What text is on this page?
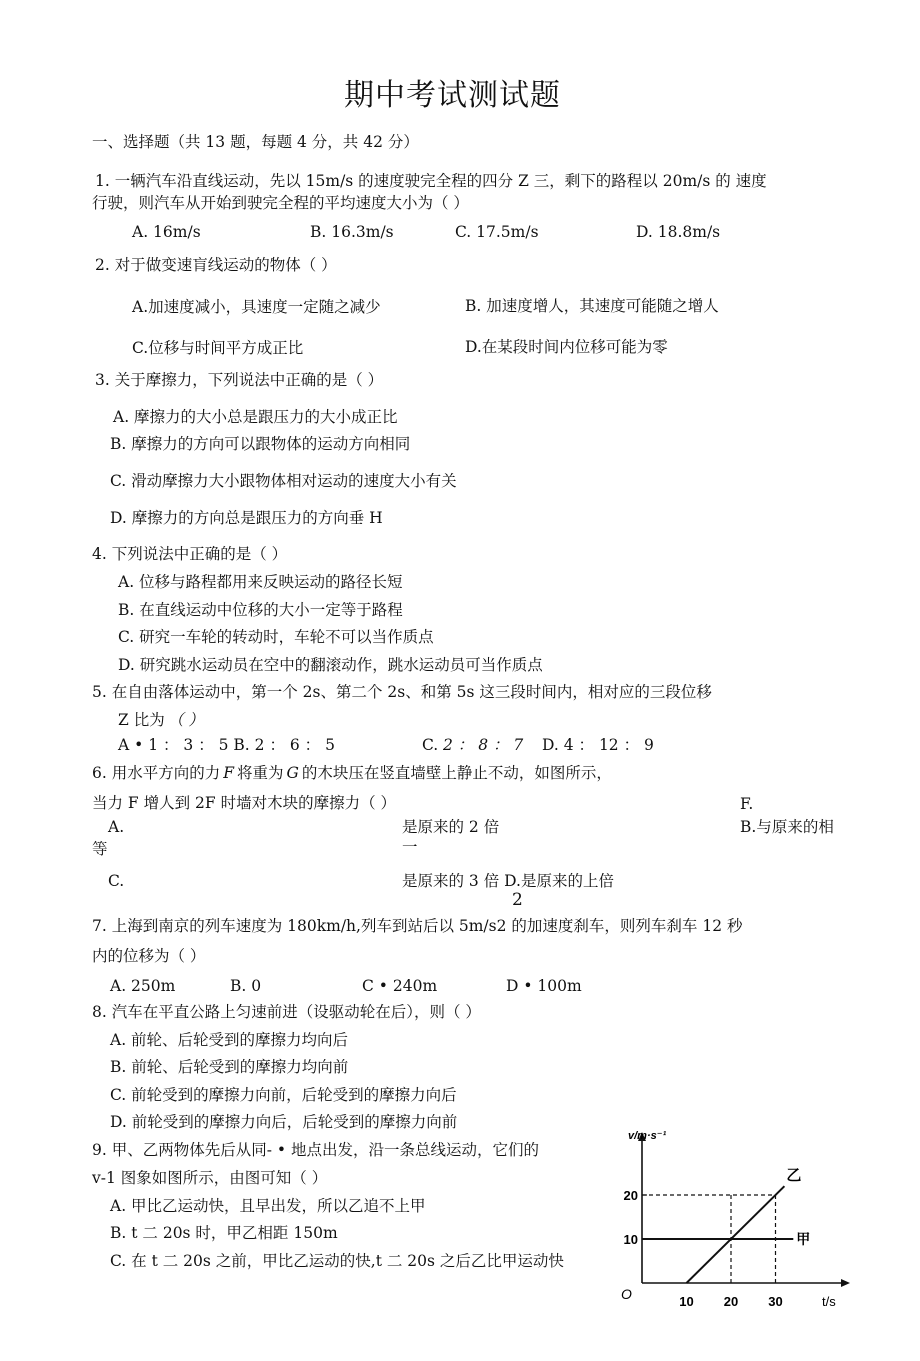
期中考试测试题
一、选择题（共 13 题，每题 4 分，共 42 分）
1. 一辆汽车沿直线运动，先以 15m/s 的速度驶完全程的四分 Z 三，剩下的路程以 20m/s 的 速度
行驶，则汽车从开始到驶完全程的平均速度大小为（ ）
A. 16m/s	B. 16.3m/s	C. 17.5m/s	D. 18.8m/s
2. 对于做变速肓线运动的物体（ ）
A.加速度减小，具速度一定随之减少	B. 加速度增人，其速度可能随之增人
C.位移与时间平方成正比	D.在某段时间内位移可能为零
3. 关于摩擦力，下列说法中正确的是（ ）
A. 摩擦力的大小总是跟压力的大小成正比
B. 摩擦力的方向可以跟物体的运动方向相同
C. 滑动摩擦力大小跟物体相对运动的速度大小有关
D. 摩擦力的方向总是跟压力的方向垂 H
4. 下列说法中正确的是（ ）
A. 位移与路程都用来反映运动的路径长短
B. 在直线运动中位移的大小一定等于路程
C. 研究一车轮的转动时，车轮不可以当作质点
D. 研究跳水运动员在空中的翻滚动作，跳水运动员可当作质点
5. 在自由落体运动中，第一个 2s、第二个 2s、和第 5s 这三段时间内，相对应的三段位移
Z 比为 （ ）
A • 1 ： 3 ： 5 B. 2 ： 6 ： 5	C. 2 ： 8 ： 7 D. 4 ： 12 ： 9
6. 用水平方向的力 F 将重为 G 的木块压在竖直墙壁上静止不动，如图所示，
当力 F 增人到 2F 时墙对木块的摩擦力（ ）	F.
A.	是原来的 2 倍	B.与原来的相
等	一
C.	是原来的 3 倍 D.是原来的上倍
2
7. 上海到南京的列车速度为 180km/h,列车到站后以 5m/s2 的加速度刹车，则列车刹车 12 秒
内的位移为（ ）
A. 250m	B. 0	C • 240m	D • 100m
8. 汽车在平直公路上匀速前进（设驱动轮在后），则（ ）
A. 前轮、后轮受到的摩擦力均向后
B. 前轮、后轮受到的摩擦力均向前
C. 前轮受到的摩擦力向前，后轮受到的摩擦力向后
D. 前轮受到的摩擦力向后，后轮受到的摩擦力向前
9. 甲、乙两物体先后从同- • 地点出发，沿一条总线运动，它们的
v-1 图象如图所示，由图可知（ ）
A. 甲比乙运动快，且早出发，所以乙追不上甲
B. t 二 20s 时，甲乙相距 150m
C. 在 t 二 20s 之前，甲比乙运动的快,t 二 20s 之后乙比甲运动快
v/m·s⁻¹
t/s
O	10 20 30
10
20
甲
乙
